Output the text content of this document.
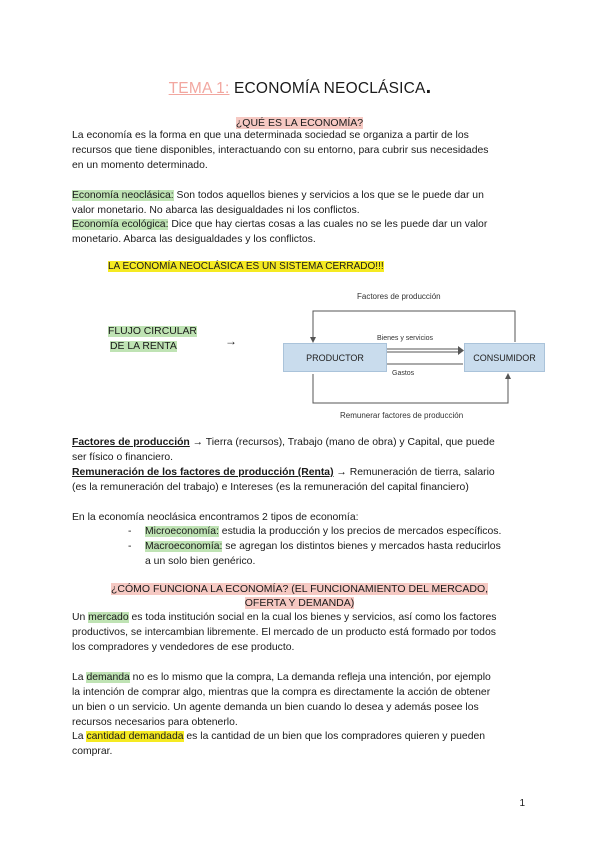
TEMA 1: ECONOMÍA NEOCLÁSICA.
¿QUÉ ES LA ECONOMÍA?
La economía es la forma en que una determinada sociedad se organiza a partir de los
recursos que tiene disponibles, interactuando con su entorno, para cubrir sus necesidades
en un momento determinado.
Economía neoclásica: Son todos aquellos bienes y servicios a los que se le puede dar un
valor monetario. No abarca las desigualdades ni los conflictos.
Economía ecológica: Dice que hay ciertas cosas a las cuales no se les puede dar un valor
monetario. Abarca las desigualdades y los conflictos.
LA ECONOMÍA NEOCLÁSICA ES UN SISTEMA CERRADO!!!
FLUJO CIRCULAR
DE LA RENTA	→
PRODUCTOR	CONSUMIDOR
Factores de producción
Bienes y servicios
Gastos
Remunerar factores de producción
Factores de producción → Tierra (recursos), Trabajo (mano de obra) y Capital, que puede
ser físico o financiero.
Remuneración de los factores de producción (Renta) → Remuneración de tierra, salario
(es la remuneración del trabajo) e Intereses (es la remuneración del capital financiero)
En la economía neoclásica encontramos 2 tipos de economía:
- Microeconomía: estudia la producción y los precios de mercados específicos.
- Macroeconomía: se agregan los distintos bienes y mercados hasta reducirlos
a un solo bien genérico.
¿CÓMO FUNCIONA LA ECONOMÍA? (EL FUNCIONAMIENTO DEL MERCADO,
OFERTA Y DEMANDA)
Un mercado es toda institución social en la cual los bienes y servicios, así como los factores
productivos, se intercambian libremente. El mercado de un producto está formado por todos
los compradores y vendedores de ese producto.
La demanda no es lo mismo que la compra, La demanda refleja una intención, por ejemplo
la intención de comprar algo, mientras que la compra es directamente la acción de obtener
un bien o un servicio. Un agente demanda un bien cuando lo desea y además posee los
recursos necesarios para obtenerlo.
La cantidad demandada es la cantidad de un bien que los compradores quieren y pueden
comprar.
1
